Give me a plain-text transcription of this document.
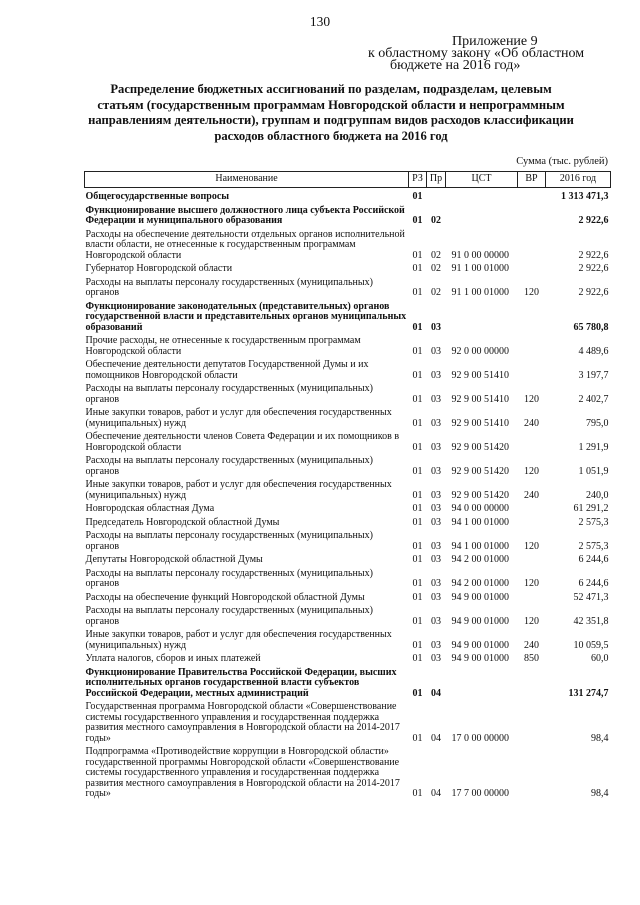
130
Приложение 9
к областному закону «Об областном
бюджете на 2016 год»
Распределение бюджетных ассигнований по разделам, подразделам, целевым статьям (государственным программам Новгородской области и непрограммным направлениям деятельности), группам и подгруппам видов расходов классификации расходов областного бюджета на 2016 год
Сумма (тыс. рублей)
Наименование	РЗ	Пр	ЦСТ	ВР	2016 год
Общегосударственные вопросы	01				1 313 471,3
Функционирование высшего должностного лица субъекта Российской Федерации и муниципального образования	01	02			2 922,6
Расходы на обеспечение деятельности отдельных органов исполнительной власти области, не отнесенные к государственным программам Новгородской области	01	02	91 0 00 00000		2 922,6
Губернатор Новгородской области	01	02	91 1 00 01000		2 922,6
Расходы на выплаты персоналу государственных (муниципальных) органов	01	02	91 1 00 01000	120	2 922,6
Функционирование законодательных (представительных) органов государственной власти и представительных органов муниципальных образований	01	03			65 780,8
Прочие расходы, не отнесенные к государственным программам Новгородской области	01	03	92 0 00 00000		4 489,6
Обеспечение деятельности депутатов Государственной Думы и их помощников Новгородской области	01	03	92 9 00 51410		3 197,7
Расходы на выплаты персоналу государственных (муниципальных) органов	01	03	92 9 00 51410	120	2 402,7
Иные закупки товаров, работ и услуг для обеспечения государственных (муниципальных) нужд	01	03	92 9 00 51410	240	795,0
Обеспечение деятельности членов Совета Федерации и их помощников в Новгородской области	01	03	92 9 00 51420		1 291,9
Расходы на выплаты персоналу государственных (муниципальных) органов	01	03	92 9 00 51420	120	1 051,9
Иные закупки товаров, работ и услуг для обеспечения государственных (муниципальных) нужд	01	03	92 9 00 51420	240	240,0
Новгородская областная Дума	01	03	94 0 00 00000		61 291,2
Председатель Новгородской областной Думы	01	03	94 1 00 01000		2 575,3
Расходы на выплаты персоналу государственных (муниципальных) органов	01	03	94 1 00 01000	120	2 575,3
Депутаты Новгородской областной Думы	01	03	94 2 00 01000		6 244,6
Расходы на выплаты персоналу государственных (муниципальных) органов	01	03	94 2 00 01000	120	6 244,6
Расходы на обеспечение функций Новгородской областной Думы	01	03	94 9 00 01000		52 471,3
Расходы на выплаты персоналу государственных (муниципальных) органов	01	03	94 9 00 01000	120	42 351,8
Иные закупки товаров, работ и услуг для обеспечения государственных (муниципальных) нужд	01	03	94 9 00 01000	240	10 059,5
Уплата налогов, сборов и иных платежей	01	03	94 9 00 01000	850	60,0
Функционирование Правительства Российской Федерации, высших исполнительных органов государственной власти субъектов Российской Федерации, местных администраций	01	04			131 274,7
Государственная программа Новгородской области «Совершенствование системы государственного управления и государственная поддержка развития местного самоуправления в Новгородской области на 2014-2017 годы»	01	04	17 0 00 00000		98,4
Подпрограмма «Противодействие коррупции в Новгородской области» государственной программы Новгородской области «Совершенствование системы государственного управления и государственная поддержка развития местного самоуправления в Новгородской области на 2014-2017 годы»	01	04	17 7 00 00000		98,4
